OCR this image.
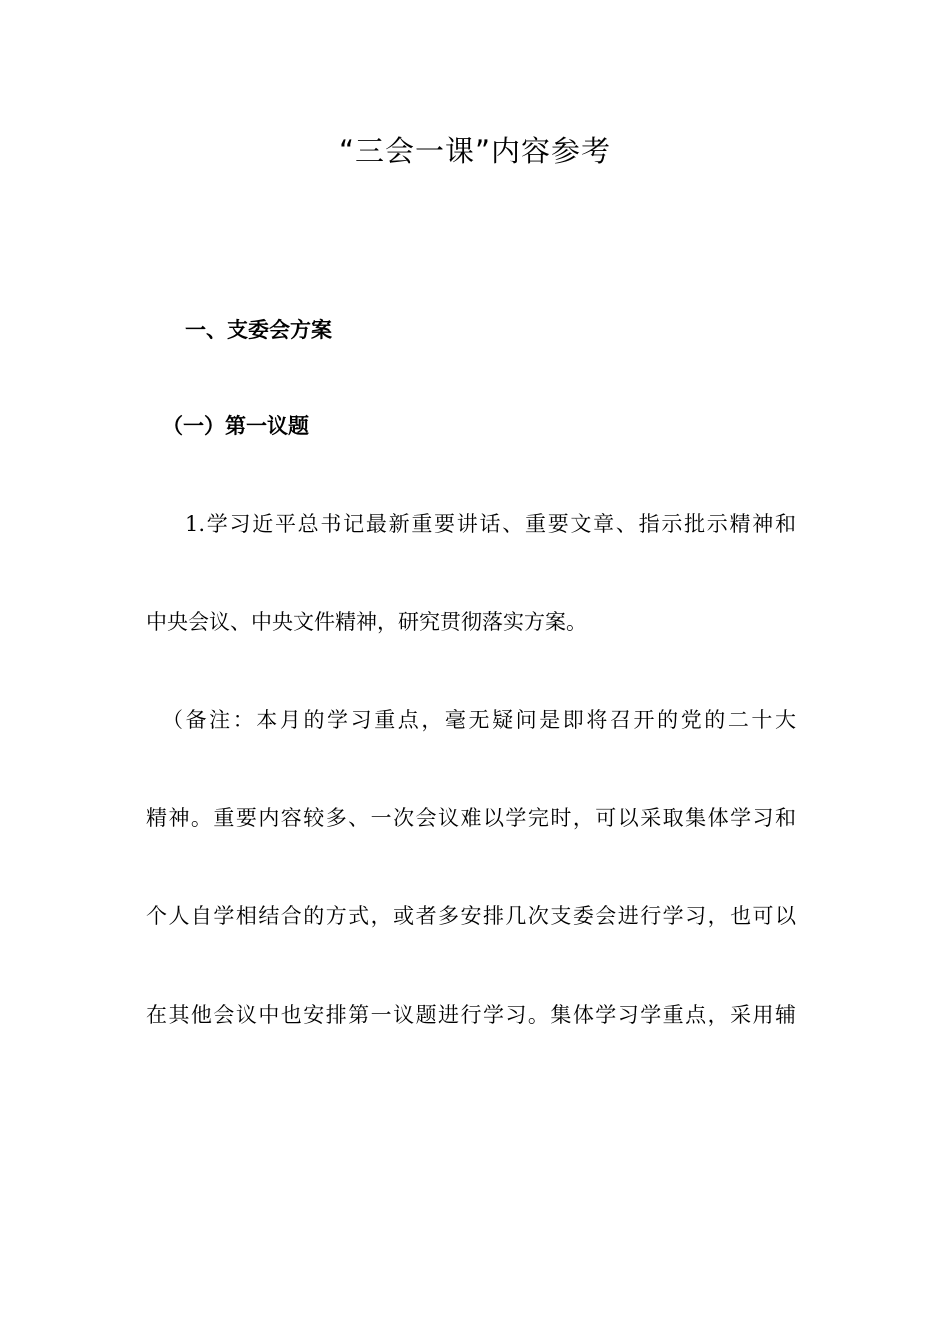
“三会一课”内容参考
一、支委会方案
（一）第一议题
1.学习近平总书记最新重要讲话、重要文章、指示批示精神和
中央会议、中央文件精神，研究贯彻落实方案。
（备注：本月的学习重点，毫无疑问是即将召开的党的二十大
精神。重要内容较多、一次会议难以学完时，可以采取集体学习和
个人自学相结合的方式，或者多安排几次支委会进行学习，也可以
在其他会议中也安排第一议题进行学习。集体学习学重点，采用辅
